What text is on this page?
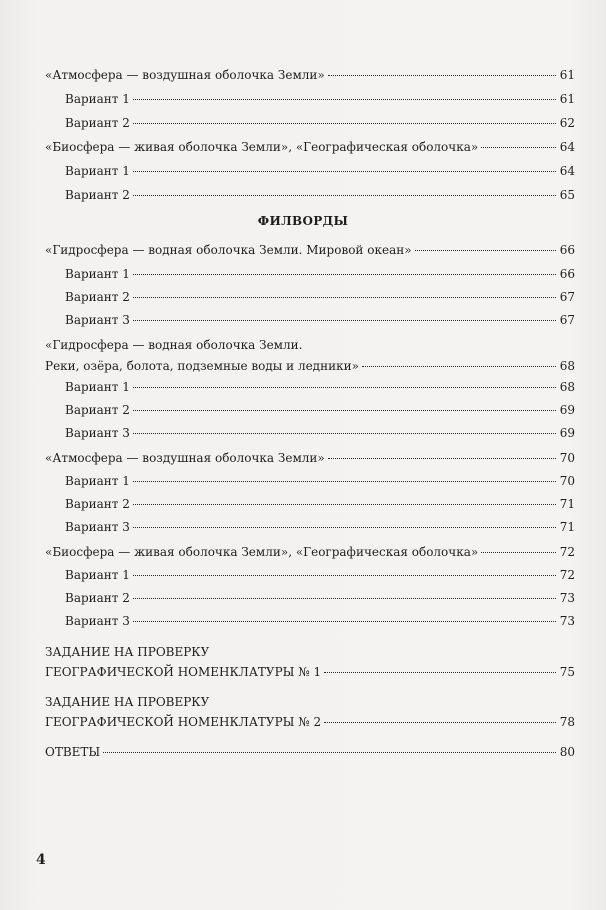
«Атмосфера — воздушная оболочка Земли»	61
Вариант 1	61
Вариант 2	62
«Биосфера — живая оболочка Земли», «Географическая оболочка»	64
Вариант 1	64
Вариант 2	65
ФИЛВОРДЫ
«Гидросфера — водная оболочка Земли. Мировой океан»	66
Вариант 1	66
Вариант 2	67
Вариант 3	67
«Гидросфера — водная оболочка Земли.
Реки, озёра, болота, подземные воды и ледники»	68
Вариант 1	68
Вариант 2	69
Вариант 3	69
«Атмосфера — воздушная оболочка Земли»	70
Вариант 1	70
Вариант 2	71
Вариант 3	71
«Биосфера — живая оболочка Земли», «Географическая оболочка»	72
Вариант 1	72
Вариант 2	73
Вариант 3	73
ЗАДАНИЕ НА ПРОВЕРКУ
ГЕОГРАФИЧЕСКОЙ НОМЕНКЛАТУРЫ № 1	75
ЗАДАНИЕ НА ПРОВЕРКУ
ГЕОГРАФИЧЕСКОЙ НОМЕНКЛАТУРЫ № 2	78
ОТВЕТЫ	80
4
